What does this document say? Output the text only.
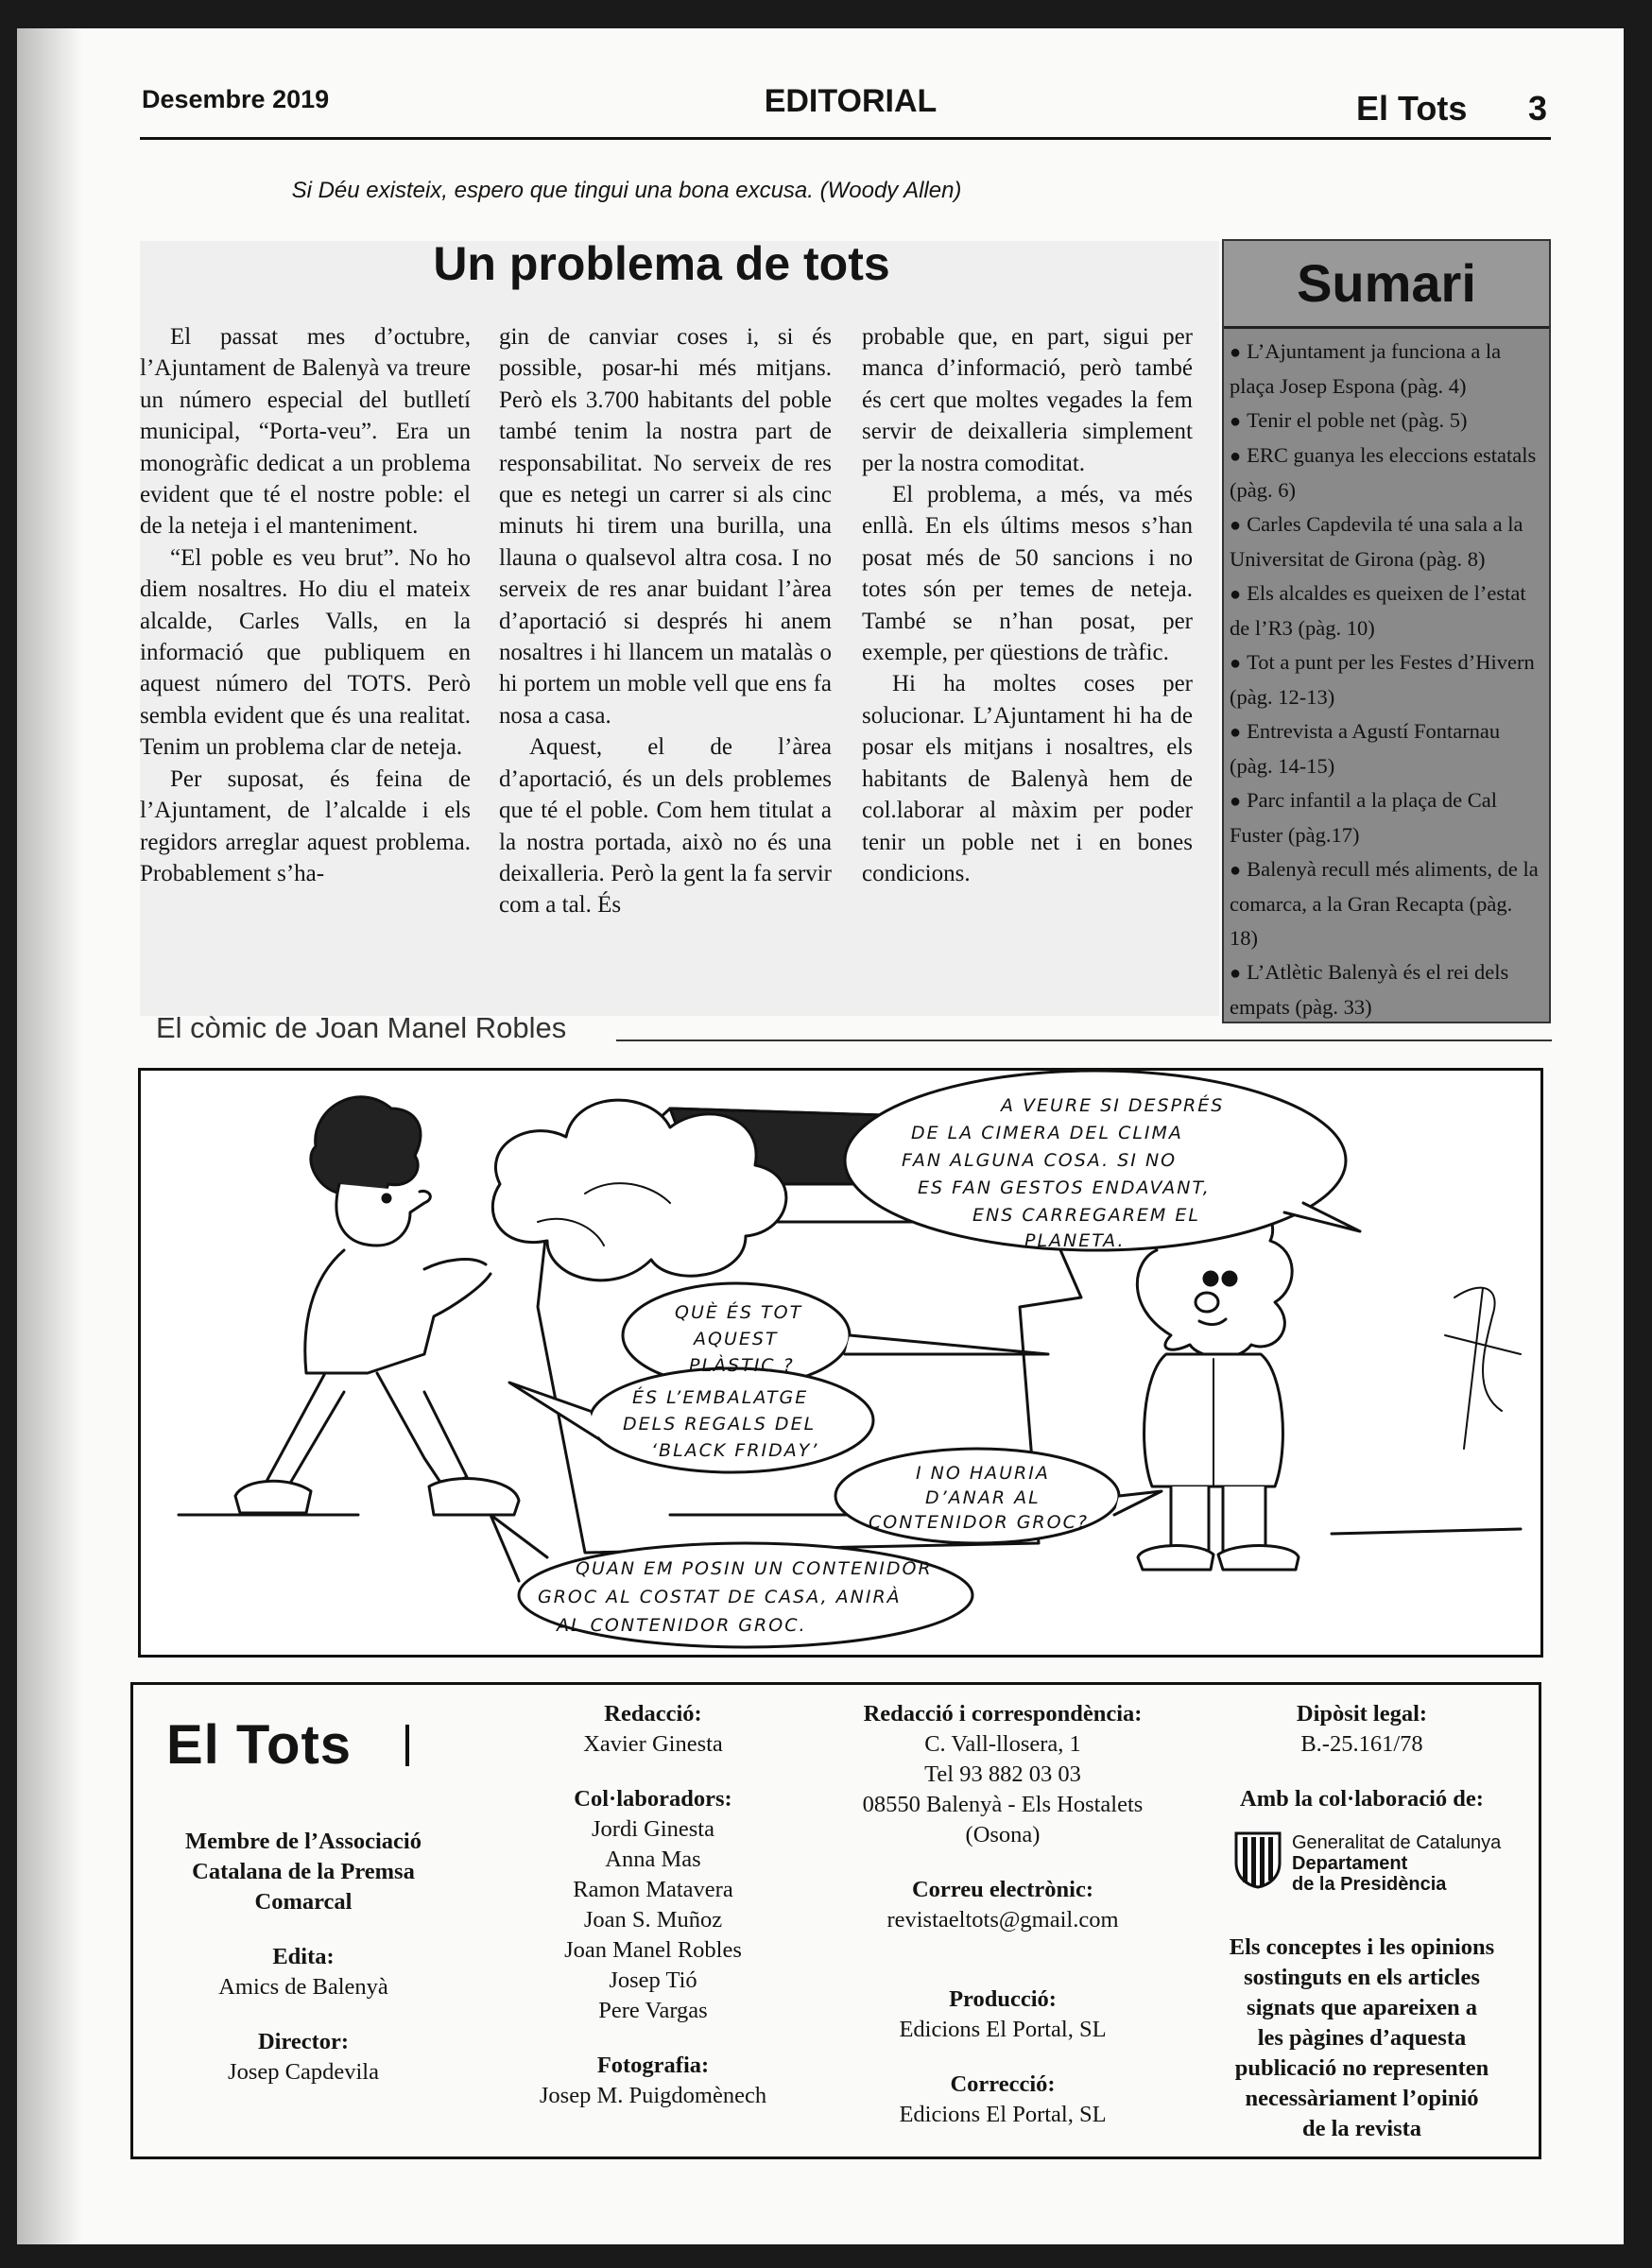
Desembre 2019	EDITORIAL	El Tots 3
Si Déu existeix, espero que tingui una bona excusa. (Woody Allen)
Un problema de tots

El passat mes d’octubre, l’Ajuntament de Balenyà va treure un número especial del butlletí municipal, “Porta-veu”. Era un monogràfic dedicat a un problema evident que té el nostre poble: el de la neteja i el manteniment.

“El poble es veu brut”. No ho diem nosaltres. Ho diu el mateix alcalde, Carles Valls, en la informació que publiquem en aquest número del TOTS. Però sembla evident que és una realitat. Tenim un problema clar de neteja.

Per suposat, és feina de l’Ajuntament, de l’alcalde i els regidors arreglar aquest problema. Probablement s’ha-

gin de canviar coses i, si és possible, posar-hi més mitjans. Però els 3.700 habitants del poble també tenim la nostra part de responsabilitat. No serveix de res que es netegi un carrer si als cinc minuts hi tirem una burilla, una llauna o qualsevol altra cosa. I no serveix de res anar buidant l’àrea d’aportació si després hi anem nosaltres i hi llancem un matalàs o hi portem un moble vell que ens fa nosa a casa.

Aquest, el de l’àrea d’aportació, és un dels problemes que té el poble. Com hem titulat a la nostra portada, això no és una deixalleria. Però la gent la fa servir com a tal. És

probable que, en part, sigui per manca d’informació, però també és cert que moltes vegades la fem servir de deixalleria simplement per la nostra comoditat.

El problema, a més, va més enllà. En els últims mesos s’han posat més de 50 sancions i no totes són per temes de neteja. També se n’han posat, per exemple, per qüestions de tràfic.

Hi ha moltes coses per solucionar. L’Ajuntament hi ha de posar els mitjans i nosaltres, els habitants de Balenyà hem de col.laborar al màxim per poder tenir un poble net i en bones condicions.

Sumari
● L’Ajuntament ja funciona a la plaça Josep Espona (pàg. 4)
● Tenir el poble net (pàg. 5)
● ERC guanya les eleccions estatals (pàg. 6)
● Carles Capdevila té una sala a la Universitat de Girona (pàg. 8)
● Els alcaldes es queixen de l’estat de l’R3 (pàg. 10)
● Tot a punt per les Festes d’Hivern (pàg. 12-13)
● Entrevista a Agustí Fontarnau (pàg. 14-15)
● Parc infantil a la plaça de Cal Fuster (pàg.17)
● Balenyà recull més aliments, de la comarca, a la Gran Recapta (pàg. 18)
● L’Atlètic Balenyà és el rei dels empats (pàg. 33)
El còmic de Joan Manel Robles
A VEURE SI DESPRÉS
DE LA CIMERA DEL CLIMA
FAN ALGUNA COSA. SI NO
ES FAN GESTOS ENDAVANT,
ENS CARREGAREM EL
PLANETA.
QUÈ ÉS TOT
AQUEST
PLÀSTIC ?
ÉS L’EMBALATGE
DELS REGALS DEL
‘BLACK FRIDAY’
I NO HAURIA
D’ANAR AL
CONTENIDOR GROC?
QUAN EM POSIN UN CONTENIDOR
GROC AL COSTAT DE CASA, ANIRÀ
AL CONTENIDOR GROC.
El Tots
Membre de l’Associació
Catalana de la Premsa
Comarcal
Edita:
Amics de Balenyà
Director:
Josep Capdevila
Redacció:
Xavier Ginesta
Col·laboradors:
Jordi Ginesta
Anna Mas
Ramon Matavera
Joan S. Muñoz
Joan Manel Robles
Josep Tió
Pere Vargas
Fotografia:
Josep M. Puigdomènech
Redacció i correspondència:
C. Vall-llosera, 1
Tel 93 882 03 03
08550 Balenyà - Els Hostalets
(Osona)
Correu electrònic:
revistaeltots@gmail.com
Producció:
Edicions El Portal, SL
Correcció:
Edicions El Portal, SL
Dipòsit legal:
B.-25.161/78
Amb la col·laboració de:
Generalitat de Catalunya
Departament
de la Presidència
Els conceptes i les opinions
sostinguts en els articles
signats que apareixen a
les pàgines d’aquesta
publicació no representen
necessàriament l’opinió
de la revista
